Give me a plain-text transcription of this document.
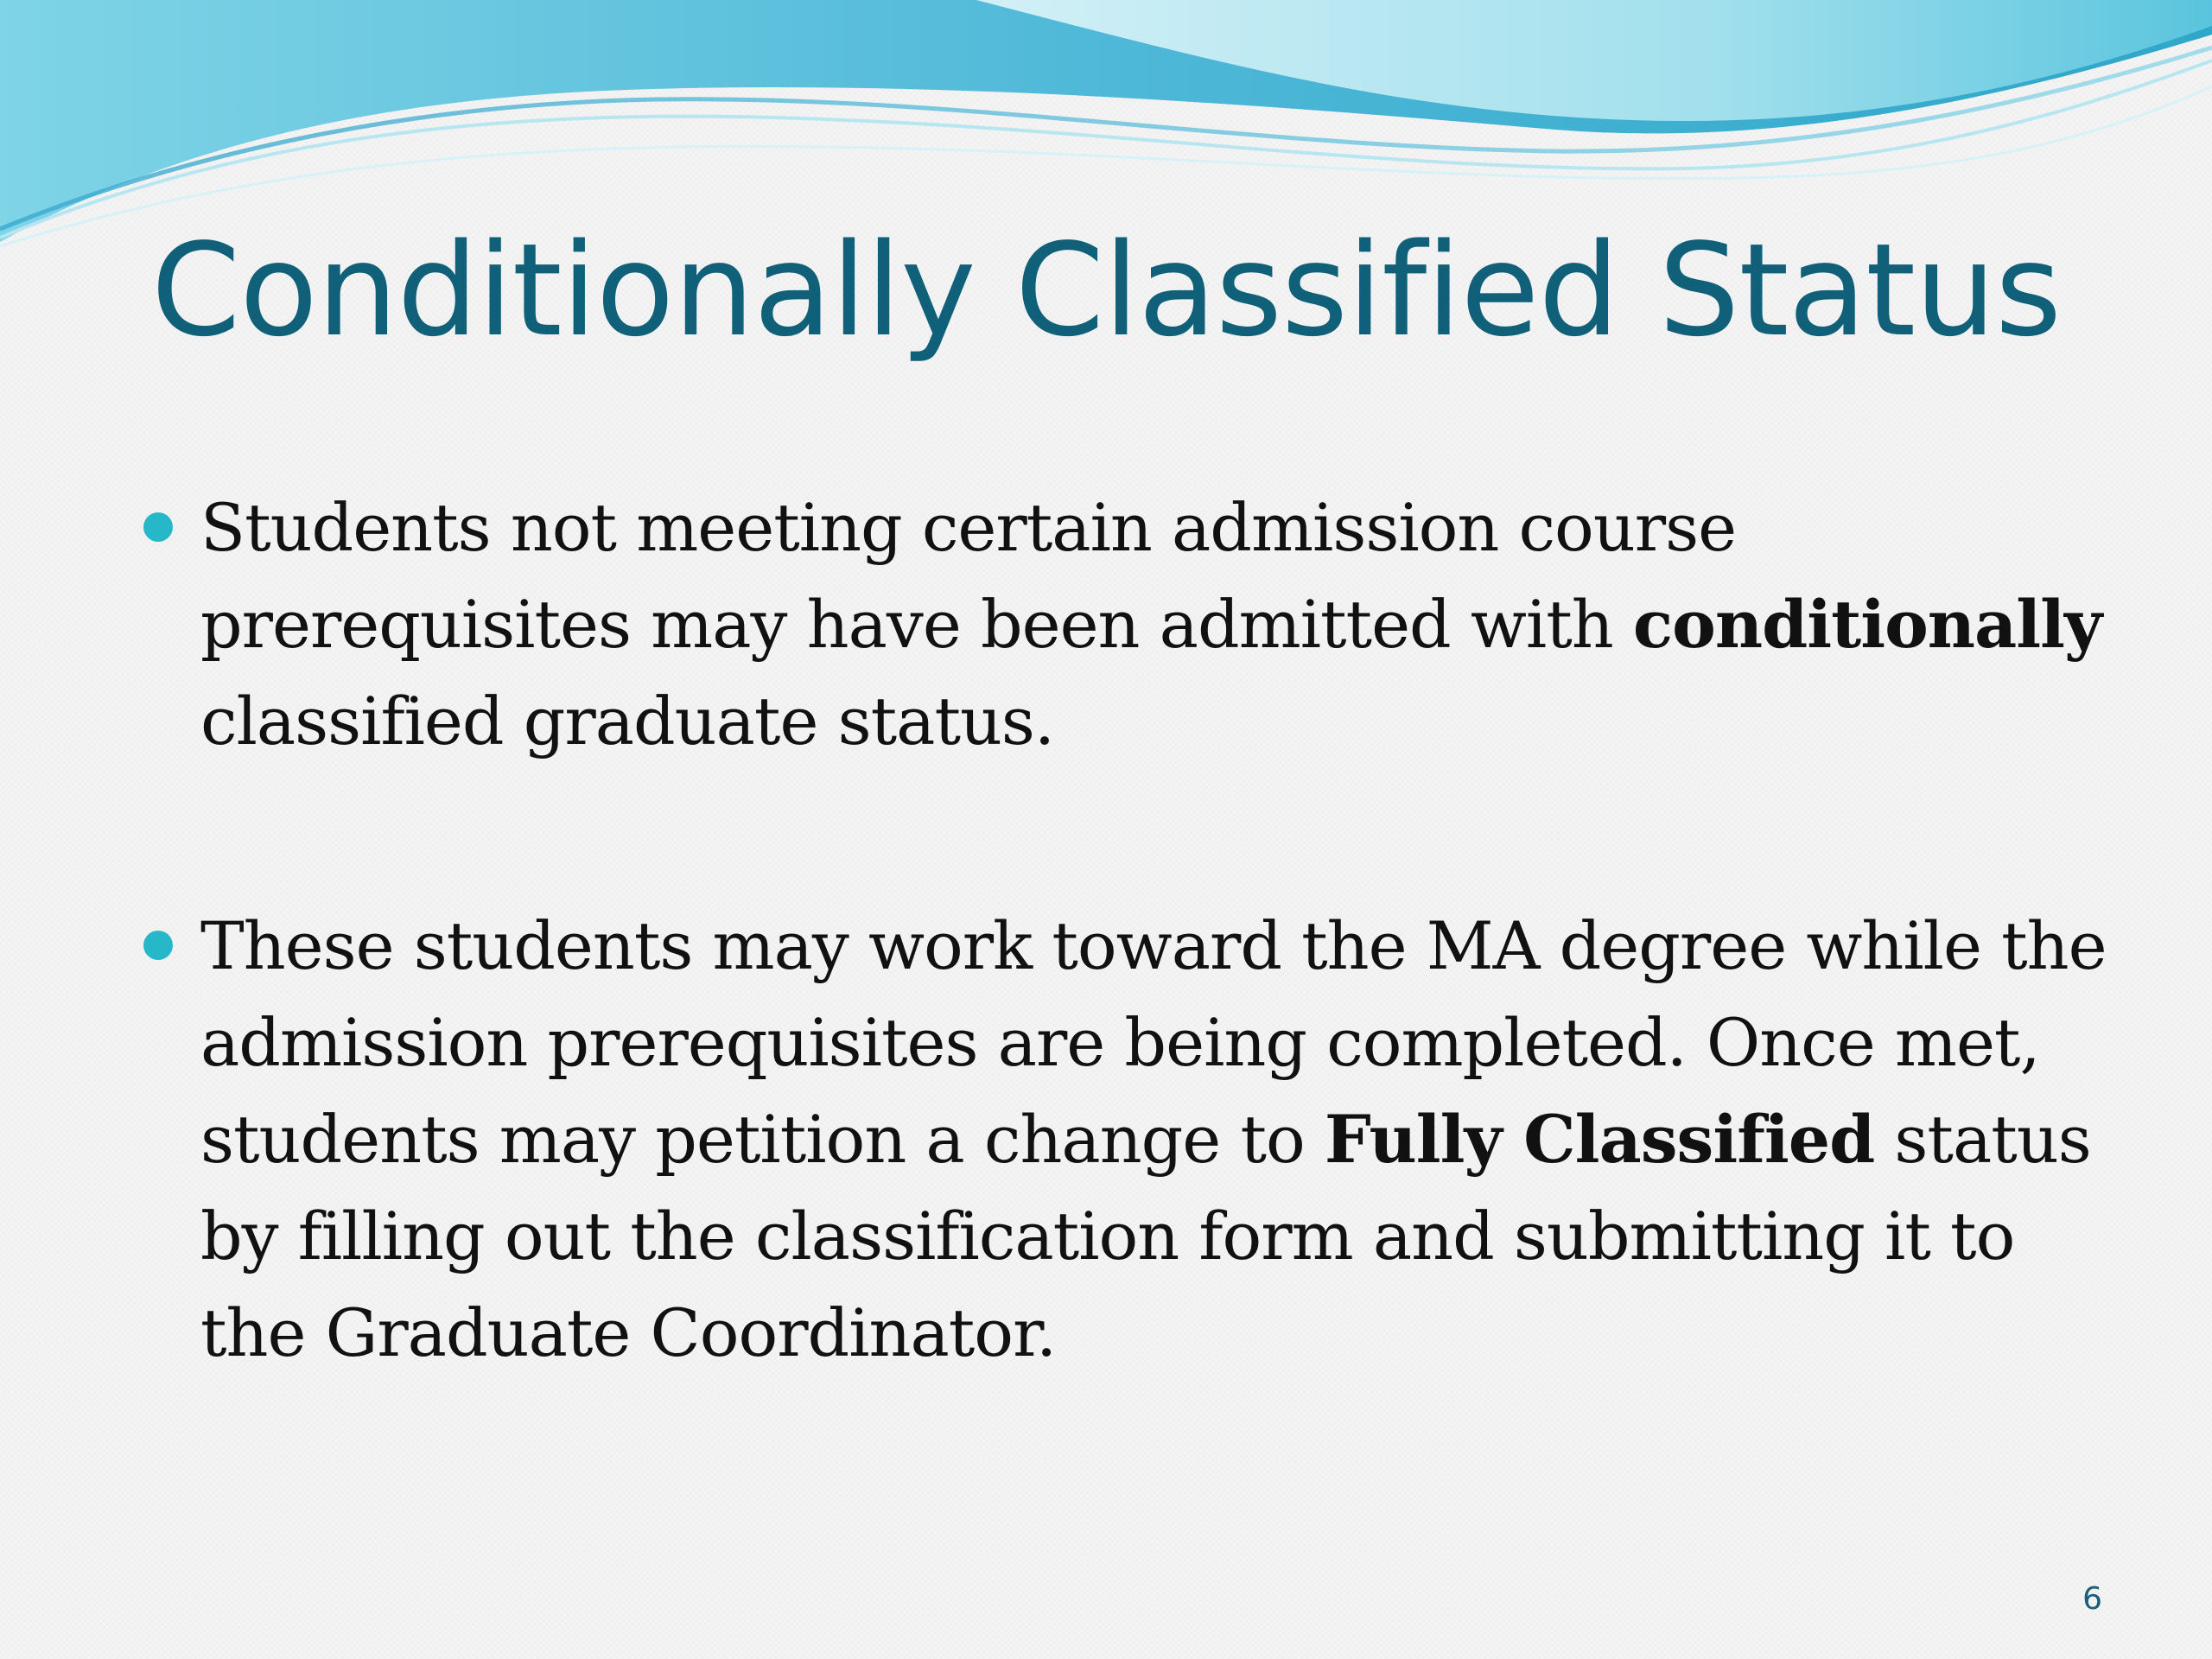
Conditionally Classified Status
Students not meeting certain admission course prerequisites may have been admitted with conditionally classified graduate status.
These students may work toward the MA degree while the admission prerequisites are being completed. Once met, students may petition a change to Fully Classified status by filling out the classification form and submitting it to the Graduate Coordinator.
6
